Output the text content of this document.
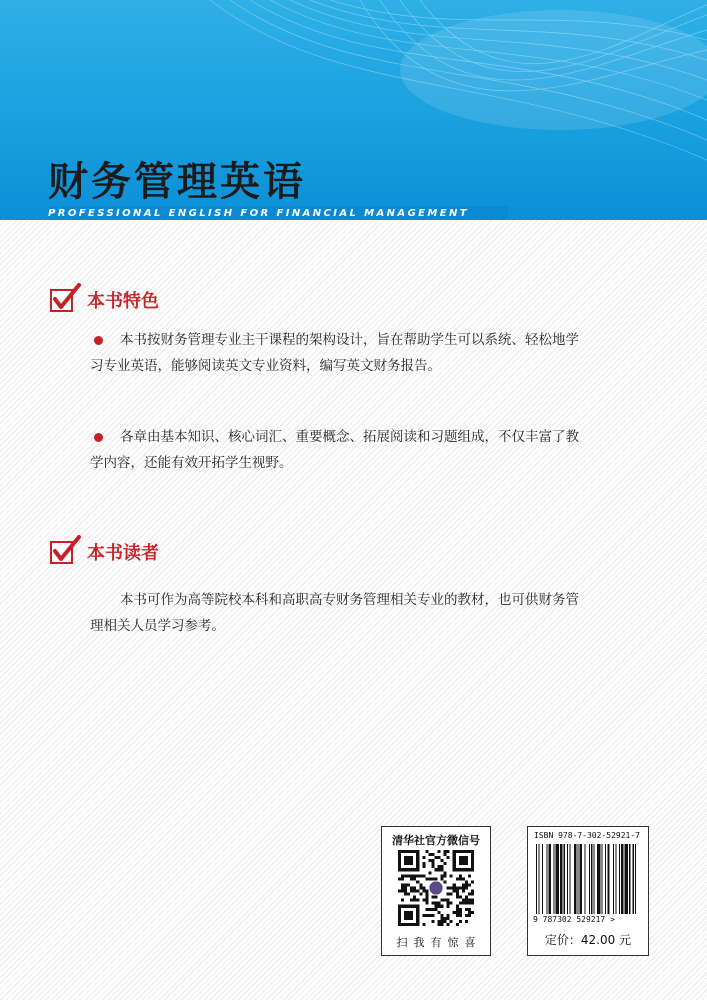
财务管理英语
PROFESSIONAL ENGLISH FOR FINANCIAL MANAGEMENT
本书特色

本书按财务管理专业主干课程的架构设计，旨在帮助学生可以系统、轻松地学习专业英语，能够阅读英文专业资料，编写英文财务报告。

各章由基本知识、核心词汇、重要概念、拓展阅读和习题组成，不仅丰富了教学内容，还能有效开拓学生视野。

本书读者

本书可作为高等院校本科和高职高专财务管理相关专业的教材，也可供财务管理相关人员学习参考。

清华社官方微信号
扫我有惊喜
ISBN 978-7-302-52921-7
9 787302 529217 >
定价：42.00 元
